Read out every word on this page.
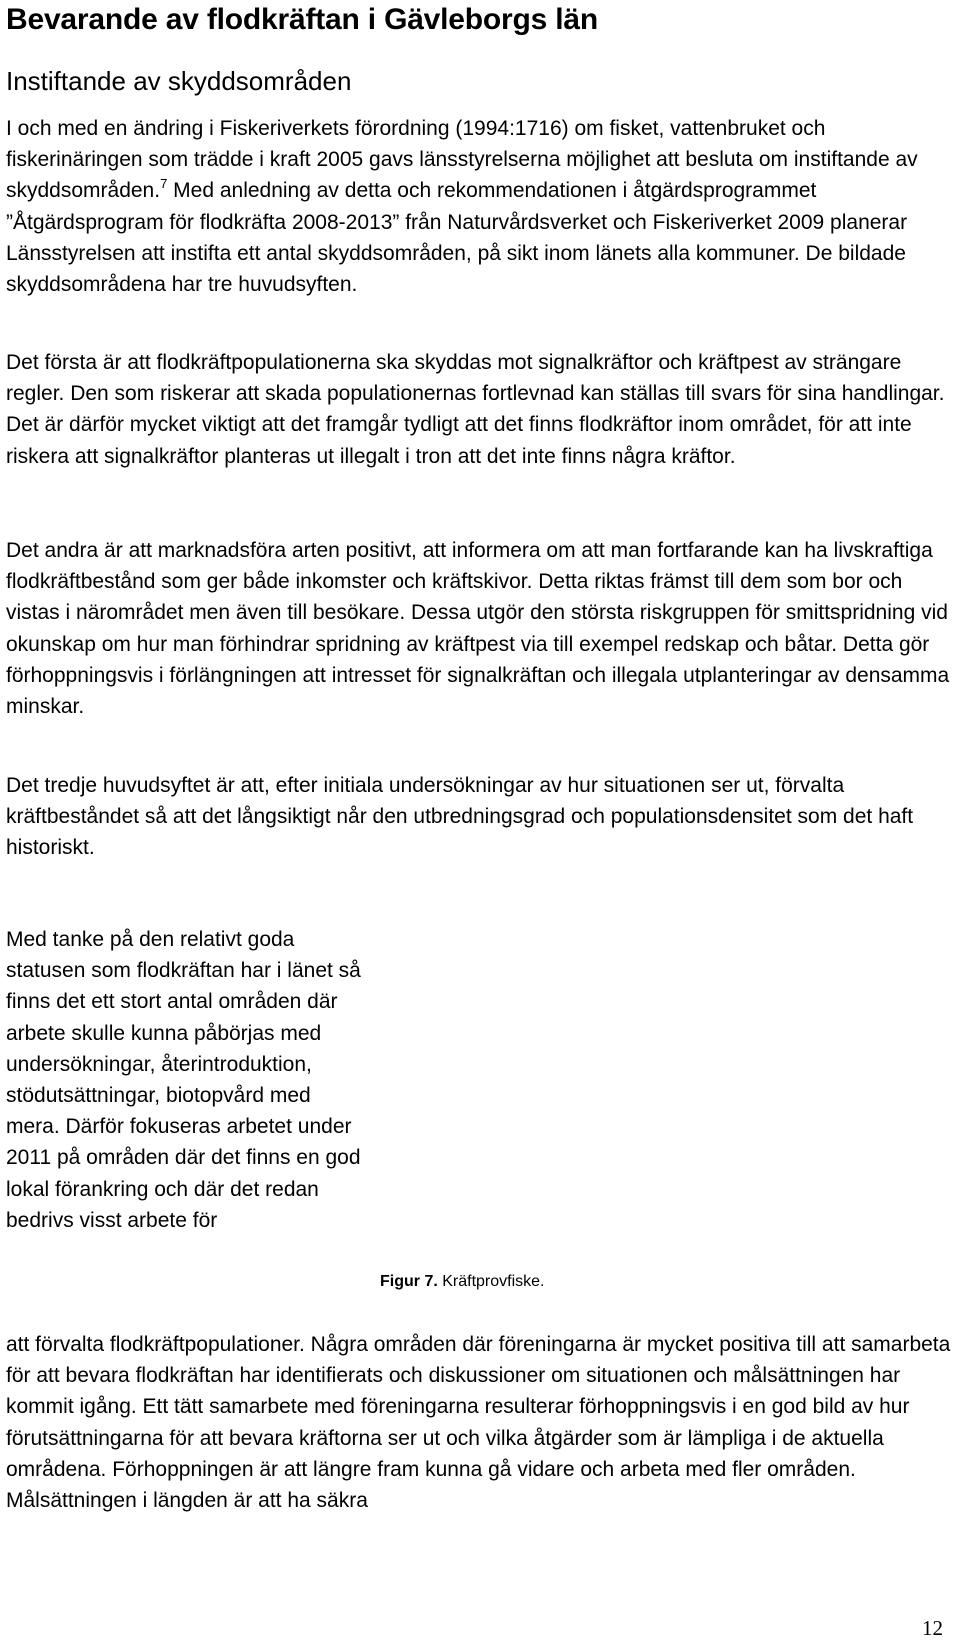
Bevarande av flodkräftan i Gävleborgs län
Instiftande av skyddsområden

I och med en ändring i Fiskeriverkets förordning (1994:1716) om fisket, vattenbruket och fiskerinäringen som trädde i kraft 2005 gavs länsstyrelserna möjlighet att besluta om instiftande av skyddsområden.$^7$ Med anledning av detta och rekommendationen i åtgärdsprogrammet ”Åtgärdsprogram för flodkräfta 2008-2013” från Naturvårdsverket och Fiskeriverket 2009 planerar Länsstyrelsen att instifta ett antal skyddsområden, på sikt inom länets alla kommuner. De bildade skyddsområdena har tre huvudsyften.

Det första är att flodkräftpopulationerna ska skyddas mot signalkräftor och kräftpest av strängare regler. Den som riskerar att skada populationernas fortlevnad kan ställas till svars för sina handlingar. Det är därför mycket viktigt att det framgår tydligt att det finns flodkräftor inom området, för att inte riskera att signalkräftor planteras ut illegalt i tron att det inte finns några kräftor.

Det andra är att marknadsföra arten positivt, att informera om att man fortfarande kan ha livskraftiga flodkräftbestånd som ger både inkomster och kräftskivor. Detta riktas främst till dem som bor och vistas i närområdet men även till besökare. Dessa utgör den största riskgruppen för smittspridning vid okunskap om hur man förhindrar spridning av kräftpest via till exempel redskap och båtar. Detta gör förhoppningsvis i förlängningen att intresset för signalkräftan och illegala utplanteringar av densamma minskar.

Det tredje huvudsyftet är att, efter initiala undersökningar av hur situationen ser ut, förvalta kräftbeståndet så att det långsiktigt når den utbredningsgrad och populationsdensitet som det haft historiskt.

Med tanke på den relativt goda statusen som flodkräftan har i länet så finns det ett stort antal områden där arbete skulle kunna påbörjas med undersökningar, återintroduktion, stödutsättningar, biotopvård med mera. Därför fokuseras arbetet under 2011 på områden där det finns en god lokal förankring och där det redan bedrivs visst arbete för

Figur 7. Kräftprovfiske.

att förvalta flodkräftpopulationer. Några områden där föreningarna är mycket positiva till att samarbeta för att bevara flodkräftan har identifierats och diskussioner om situationen och målsättningen har kommit igång. Ett tätt samarbete med föreningarna resulterar förhoppningsvis i en god bild av hur förutsättningarna för att bevara kräftorna ser ut och vilka åtgärder som är lämpliga i de aktuella områdena. Förhoppningen är att längre fram kunna gå vidare och arbeta med fler områden. Målsättningen i längden är att ha säkra

12
